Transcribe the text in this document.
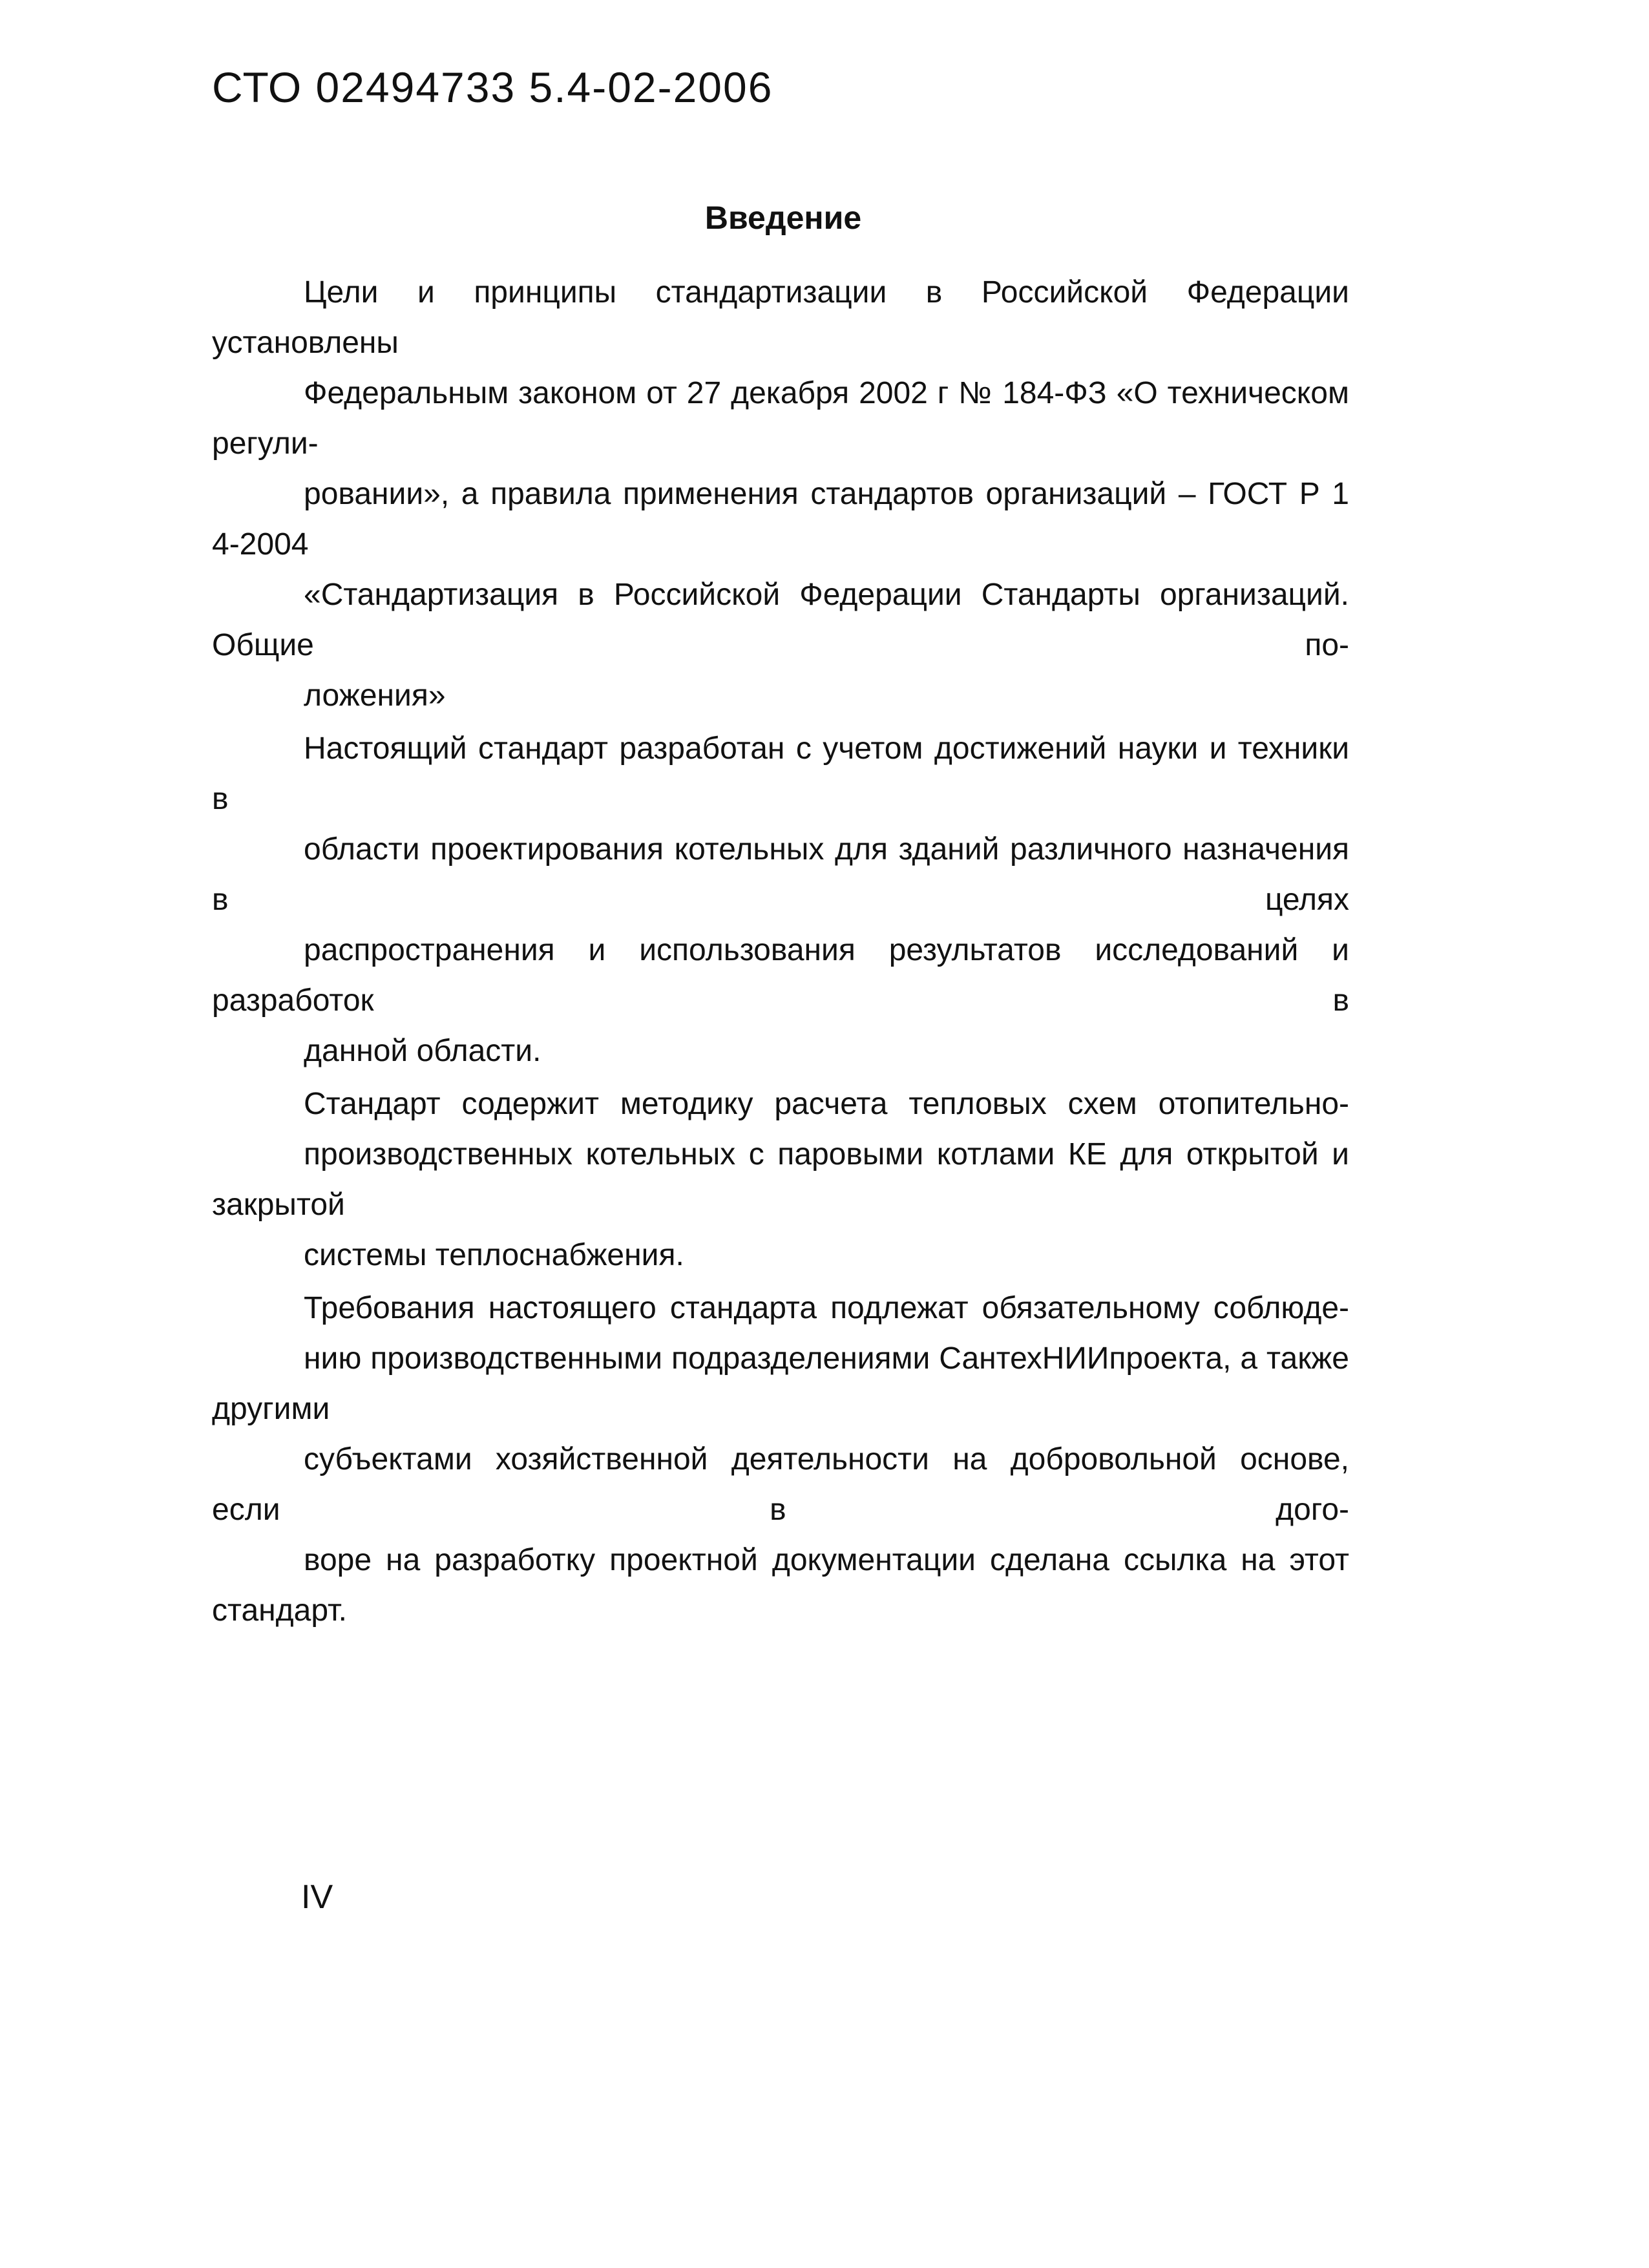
СТО 02494733 5.4-02-2006
Введение

Цели и принципы стандартизации в Российской Федерации установлены
Федеральным законом от 27 декабря 2002 г № 184-ФЗ «О техническом регули-
ровании», а правила применения стандартов организаций – ГОСТ Р 1 4-2004
«Стандартизация в Российской Федерации Стандарты организаций. Общие по-
ложения»

Настоящий стандарт разработан с учетом достижений науки и техники в
области проектирования котельных для зданий различного назначения в целях
распространения и использования результатов исследований и разработок в
данной области.

Стандарт содержит методику расчета тепловых схем отопительно-
производственных котельных с паровыми котлами КЕ для открытой и закрытой
системы теплоснабжения.

Требования настоящего стандарта подлежат обязательному соблюде-
нию производственными подразделениями СантехНИИпроекта, а также другими
субъектами хозяйственной деятельности на добровольной основе, если в дого-
воре на разработку проектной документации сделана ссылка на этот стандарт.

IV
